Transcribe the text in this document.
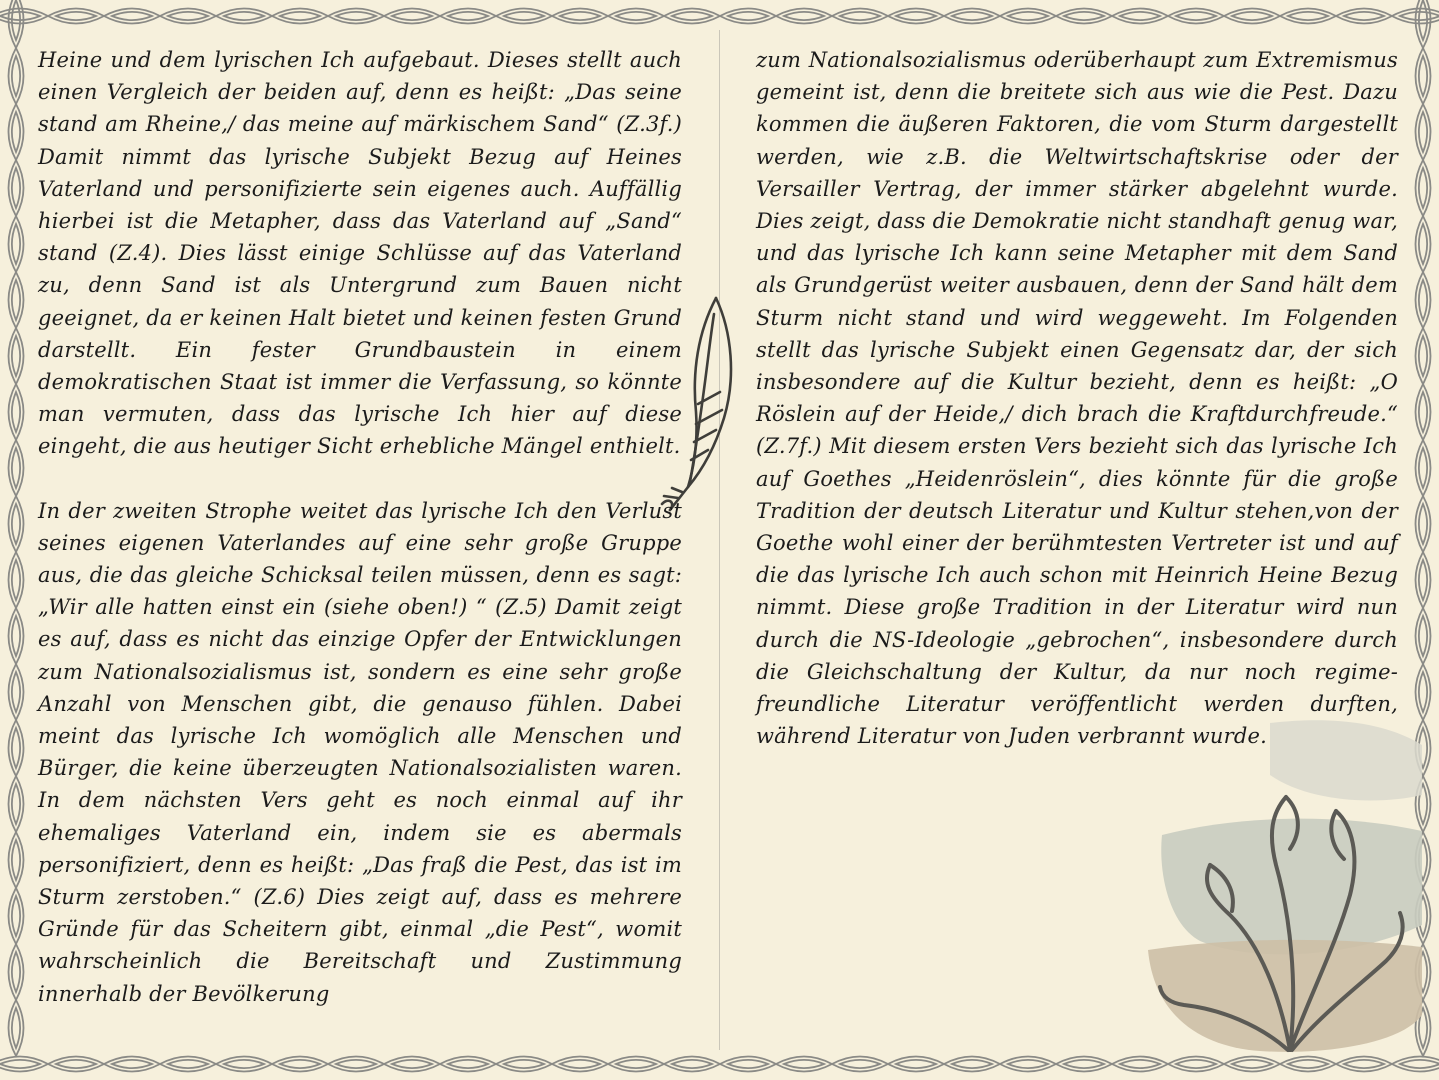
Heine und dem lyrischen Ich aufgebaut. Dieses stellt auch einen Vergleich der beiden auf, denn es heißt: „Das seine stand am Rheine,/ das meine auf märkischem Sand“ (Z.3f.) Damit nimmt das lyrische Subjekt Bezug auf Heines Vaterland und personifizierte sein eigenes auch. Auffällig hierbei ist die Metapher, dass das Vaterland auf „Sand“ stand (Z.4). Dies lässt einige Schlüsse auf das Vaterland zu, denn Sand ist als Untergrund zum Bauen nicht geeignet, da er keinen Halt bietet und keinen festen Grund darstellt. Ein fester Grundbaustein in einem demokratischen Staat ist immer die Verfassung, so könnte man vermuten, dass das lyrische Ich hier auf diese eingeht, die aus heutiger Sicht erhebliche Mängel enthielt.

In der zweiten Strophe weitet das lyrische Ich den Verlust seines eigenen Vaterlandes auf eine sehr große Gruppe aus, die das gleiche Schicksal teilen müssen, denn es sagt: „Wir alle hatten einst ein (siehe oben!) “ (Z.5) Damit zeigt es auf, dass es nicht das einzige Opfer der Entwicklungen zum Nationalsozialismus ist, sondern es eine sehr große Anzahl von Menschen gibt, die genauso fühlen. Dabei meint das lyrische Ich womöglich alle Menschen und Bürger, die keine überzeugten Nationalsozialisten waren. In dem nächsten Vers geht es noch einmal auf ihr ehemaliges Vaterland ein, indem sie es abermals personifiziert, denn es heißt: „Das fraß die Pest, das ist im Sturm zerstoben.“ (Z.6) Dies zeigt auf, dass es mehrere Gründe für das Scheitern gibt, einmal „die Pest“, womit wahrscheinlich die Bereitschaft und Zustimmung innerhalb der Bevölkerung

zum Nationalsozialismus oderüberhaupt zum Extremismus gemeint ist, denn die breitete sich aus wie die Pest. Dazu kommen die äußeren Faktoren, die vom Sturm dargestellt werden, wie z.B. die Weltwirtschaftskrise oder der Versailler Vertrag, der immer stärker abgelehnt wurde. Dies zeigt, dass die Demokratie nicht standhaft genug war, und das lyrische Ich kann seine Metapher mit dem Sand als Grundgerüst weiter ausbauen, denn der Sand hält dem Sturm nicht stand und wird weggeweht. Im Folgenden stellt das lyrische Subjekt einen Gegensatz dar, der sich insbesondere auf die Kultur bezieht, denn es heißt: „O Röslein auf der Heide,/ dich brach die Kraftdurchfreude.“ (Z.7f.) Mit diesem ersten Vers bezieht sich das lyrische Ich auf Goethes „Heidenröslein“, dies könnte für die große Tradition der deutsch Literatur und Kultur stehen,von der Goethe wohl einer der berühmtesten Vertreter ist und auf die das lyrische Ich auch schon mit Heinrich Heine Bezug nimmt. Diese große Tradition in der Literatur wird nun durch die NS-Ideologie „gebrochen“, insbesondere durch die Gleichschaltung der Kultur, da nur noch regime-freundliche Literatur veröffentlicht werden durften, während Literatur von Juden verbrannt wurde.
